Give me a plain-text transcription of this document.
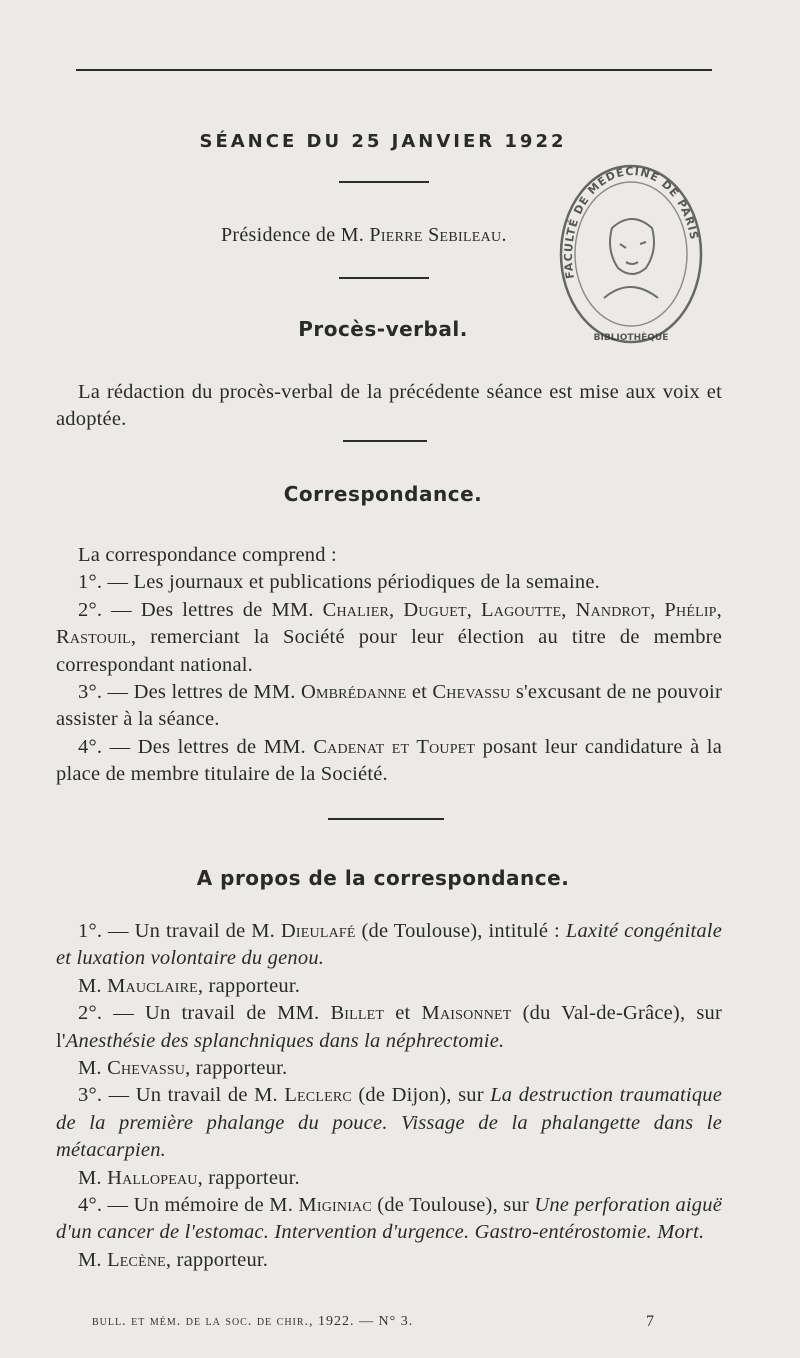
SÉANCE DU 25 JANVIER 1922
Présidence de M. Pierre Sebileau.
FACULTÉ DE MÉDECINE DE PARIS
BIBLIOTHÈQUE
Procès-verbal.

La rédaction du procès-verbal de la précédente séance est mise aux voix et adoptée.

Correspondance.

La correspondance comprend :

1°. — Les journaux et publications périodiques de la semaine.

2°. — Des lettres de MM. Chalier, Duguet, Lagoutte, Nandrot, Phélip, Rastouil, remerciant la Société pour leur élection au titre de membre correspondant national.

3°. — Des lettres de MM. Ombrédanne et Chevassu s'excusant de ne pouvoir assister à la séance.

4°. — Des lettres de MM. Cadenat et Toupet posant leur candidature à la place de membre titulaire de la Société.

A propos de la correspondance.

1°. — Un travail de M. Dieulafé (de Toulouse), intitulé : Laxité congénitale et luxation volontaire du genou.

M. Mauclaire, rapporteur.

2°. — Un travail de MM. Billet et Maisonnet (du Val-de-Grâce), sur l'Anesthésie des splanchniques dans la néphrectomie.

M. Chevassu, rapporteur.

3°. — Un travail de M. Leclerc (de Dijon), sur La destruction traumatique de la première phalange du pouce. Vissage de la phalangette dans le métacarpien.

M. Hallopeau, rapporteur.

4°. — Un mémoire de M. Miginiac (de Toulouse), sur Une perforation aiguë d'un cancer de l'estomac. Intervention d'urgence. Gastro-entérostomie. Mort.

M. Lecène, rapporteur.

bull. et mém. de la soc. de chir., 1922. — N° 3.	7
